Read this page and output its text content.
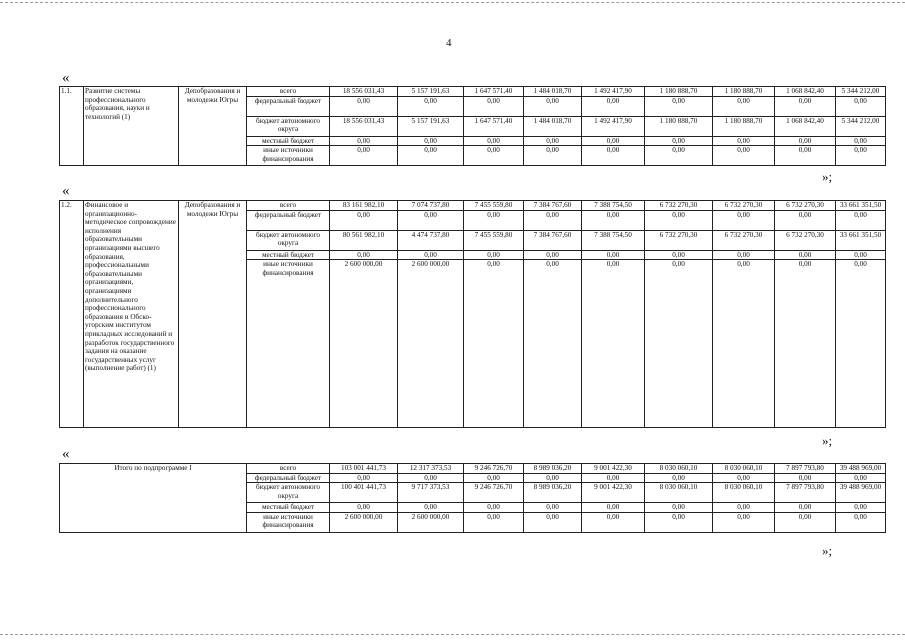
4
«
1.1.	Развитие системы профессионального образования, науки и технологий (1)	Депобразования и молодежи Югры	всего	18 556 031,43	5 157 191,63	1 647 571,40	1 484 018,70	1 492 417,90	1 180 888,70	1 180 888,70	1 068 842,40	5 344 212,00
			федеральный бюджет	0,00	0,00	0,00	0,00	0,00	0,00	0,00	0,00	0,00
			бюджет автономного округа	18 556 031,43	5 157 191,63	1 647 571,40	1 484 018,70	1 492 417,90	1 180 888,70	1 180 888,70	1 068 842,40	5 344 212,00
			местный бюджет	0,00	0,00	0,00	0,00	0,00	0,00	0,00	0,00	0,00
			иные источники финансирования	0,00	0,00	0,00	0,00	0,00	0,00	0,00	0,00	0,00
»;
«
1.2.	Финансовое и организационно-методическое сопровождение исполнения образовательными организациями высшего образования, профессиональными образовательными организациями, организациями дополнительного профессионального образования и Обско-угорским институтом прикладных исследований и разработок государственного задания на оказание государственных услуг (выполнение работ) (1)	Депобразования и молодежи Югры	всего	83 161 982,10	7 074 737,80	7 455 559,80	7 384 767,60	7 388 754,50	6 732 270,30	6 732 270,30	6 732 270,30	33 661 351,50
			федеральный бюджет	0,00	0,00	0,00	0,00	0,00	0,00	0,00	0,00	0,00
			бюджет автономного округа	80 561 982,10	4 474 737,80	7 455 559,80	7 384 767,60	7 388 754,50	6 732 270,30	6 732 270,30	6 732 270,30	33 661 351,50
			местный бюджет	0,00	0,00	0,00	0,00	0,00	0,00	0,00	0,00	0,00
			иные источники финансирования	2 600 000,00	2 600 000,00	0,00	0,00	0,00	0,00	0,00	0,00	0,00
»;
«
Итого по подпрограмме I	всего	103 001 441,73	12 317 373,53	9 246 726,70	8 989 036,20	9 001 422,30	8 030 060,10	8 030 060,10	7 897 793,80	39 488 969,00
	федеральный бюджет	0,00	0,00	0,00	0,00	0,00	0,00	0,00	0,00	0,00
	бюджет автономного округа	100 401 441,73	9 717 373,53	9 246 726,70	8 989 036,20	9 001 422,30	8 030 060,10	8 030 060,10	7 897 793,80	39 488 969,00
	местный бюджет	0,00	0,00	0,00	0,00	0,00	0,00	0,00	0,00	0,00
	иные источники финансирования	2 600 000,00	2 600 000,00	0,00	0,00	0,00	0,00	0,00	0,00	0,00
»;
